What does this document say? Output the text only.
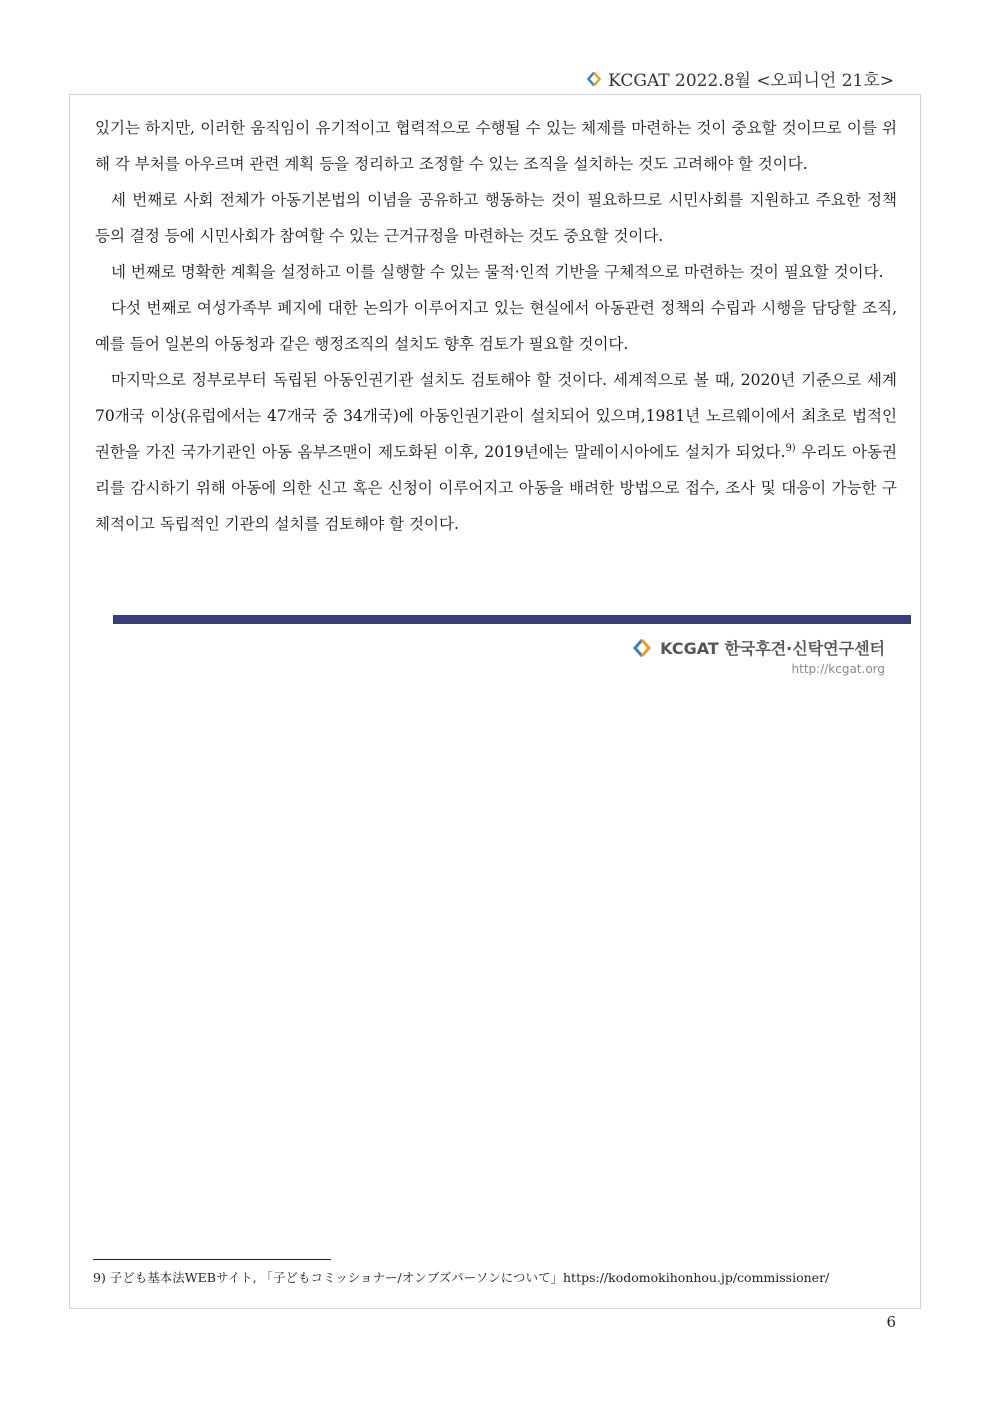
KCGAT 2022.8월 <오피니언 21호>

있기는 하지만, 이러한 움직임이 유기적이고 협력적으로 수행될 수 있는 체제를 마련하는 것이 중요할 것이므로 이를 위해 각 부처를 아우르며 관련 계획 등을 정리하고 조정할 수 있는 조직을 설치하는 것도 고려해야 할 것이다.

세 번째로 사회 전체가 아동기본법의 이념을 공유하고 행동하는 것이 필요하므로 시민사회를 지원하고 주요한 정책 등의 결정 등에 시민사회가 참여할 수 있는 근거규정을 마련하는 것도 중요할 것이다.

네 번째로 명확한 계획을 설정하고 이를 실행할 수 있는 물적·인적 기반을 구체적으로 마련하는 것이 필요할 것이다.

다섯 번째로 여성가족부 폐지에 대한 논의가 이루어지고 있는 현실에서 아동관련 정책의 수립과 시행을 담당할 조직, 예를 들어 일본의 아동청과 같은 행정조직의 설치도 향후 검토가 필요할 것이다.

마지막으로 정부로부터 독립된 아동인권기관 설치도 검토해야 할 것이다. 세계적으로 볼 때, 2020년 기준으로 세계 70개국 이상(유럽에서는 47개국 중 34개국)에 아동인권기관이 설치되어 있으며,1981년 노르웨이에서 최초로 법적인 권한을 가진 국가기관인 아동 옴부즈맨이 제도화된 이후, 2019년에는 말레이시아에도 설치가 되었다.$^{9)}$ 우리도 아동권리를 감시하기 위해 아동에 의한 신고 혹은 신청이 이루어지고 아동을 배려한 방법으로 접수, 조사 및 대응이 가능한 구체적이고 독립적인 기관의 설치를 검토해야 할 것이다.

KCGAT 한국후견·신탁연구센터
http://kcgat.org
9) 子ども基本法WEBサイト, 「子どもコミッショナー/オンブズパーソンについて」https://kodomokihonhou.jp/commissioner/
6
